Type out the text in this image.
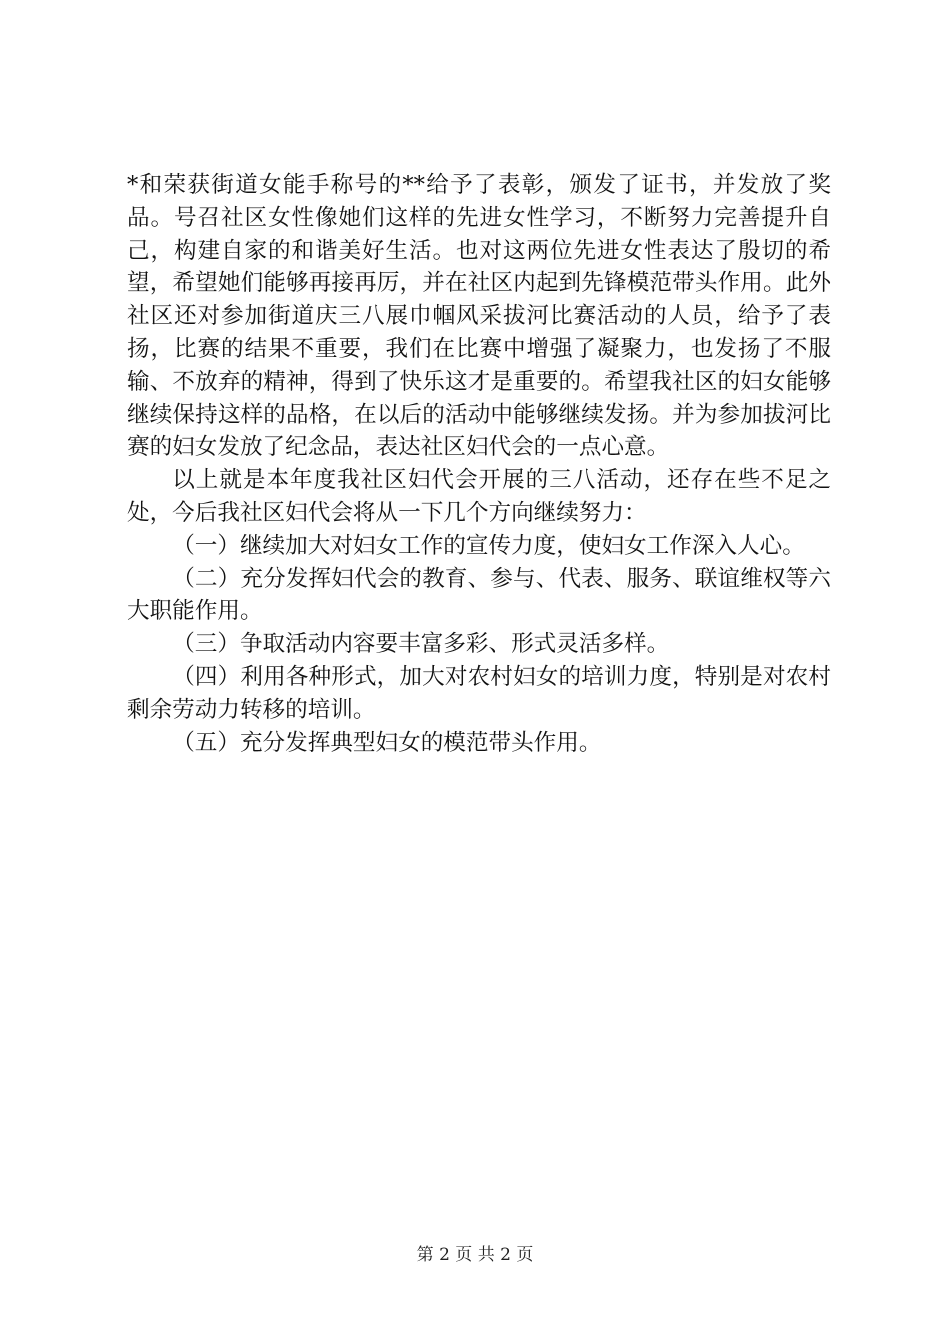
*和荣获街道女能手称号的**给予了表彰，颁发了证书，并发放了奖品。号召社区女性像她们这样的先进女性学习，不断努力完善提升自己，构建自家的和谐美好生活。也对这两位先进女性表达了殷切的希望，希望她们能够再接再厉，并在社区内起到先锋模范带头作用。此外社区还对参加街道庆三八展巾帼风采拔河比赛活动的人员，给予了表扬，比赛的结果不重要，我们在比赛中增强了凝聚力，也发扬了不服输、不放弃的精神，得到了快乐这才是重要的。希望我社区的妇女能够继续保持这样的品格，在以后的活动中能够继续发扬。并为参加拔河比赛的妇女发放了纪念品，表达社区妇代会的一点心意。

以上就是本年度我社区妇代会开展的三八活动，还存在些不足之处，今后我社区妇代会将从一下几个方向继续努力：

（一）继续加大对妇女工作的宣传力度，使妇女工作深入人心。

（二）充分发挥妇代会的教育、参与、代表、服务、联谊维权等六大职能作用。

（三）争取活动内容要丰富多彩、形式灵活多样。

（四）利用各种形式，加大对农村妇女的培训力度，特别是对农村剩余劳动力转移的培训。

（五）充分发挥典型妇女的模范带头作用。

第 2 页 共 2 页
